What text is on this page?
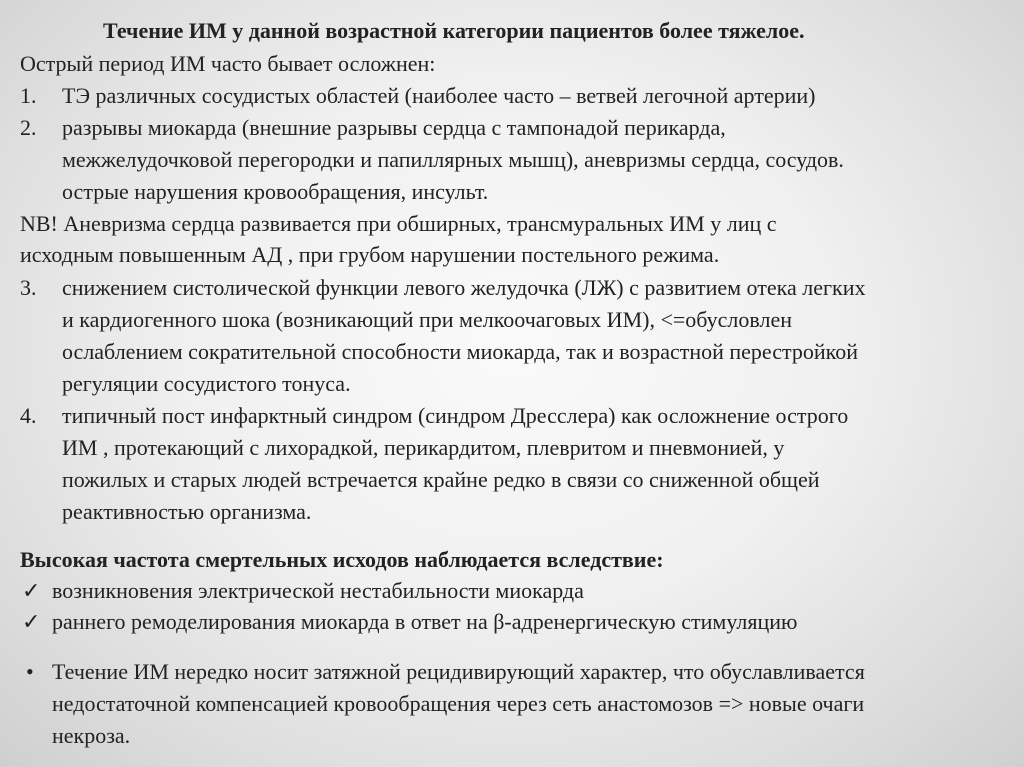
Течение ИМ у данной возрастной категории пациентов более тяжелое.
Острый период ИМ часто бывает осложнен:
1. ТЭ различных сосудистых областей (наиболее часто – ветвей легочной артерии)
2. разрывы миокарда (внешние разрывы сердца с тампонадой перикарда,
межжелудочковой перегородки и папиллярных мышц), аневризмы сердца, сосудов.
острые нарушения кровообращения, инсульт.
NB! Аневризма сердца развивается при обширных, трансмуральных ИМ у лиц с
исходным повышенным АД , при грубом нарушении постельного режима.
3. снижением систолической функции левого желудочка (ЛЖ) с развитием отека легких
и кардиогенного шока (возникающий при мелкоочаговых ИМ), <=обусловлен
ослаблением сократительной способности миокарда, так и возрастной перестройкой
регуляции сосудистого тонуса.
4. типичный пост инфарктный синдром (синдром Дресслера) как осложнение острого
ИМ , протекающий с лихорадкой, перикардитом, плевритом и пневмонией, у
пожилых и старых людей встречается крайне редко в связи со сниженной общей
реактивностью организма.
Высокая частота смертельных исходов наблюдается вследствие:
✓ возникновения электрической нестабильности миокарда
✓ раннего ремоделирования миокарда в ответ на β-адренергическую стимуляцию
• Течение ИМ нередко носит затяжной рецидивирующий характер, что обуславливается
недостаточной компенсацией кровообращения через сеть анастомозов => новые очаги
некроза.
